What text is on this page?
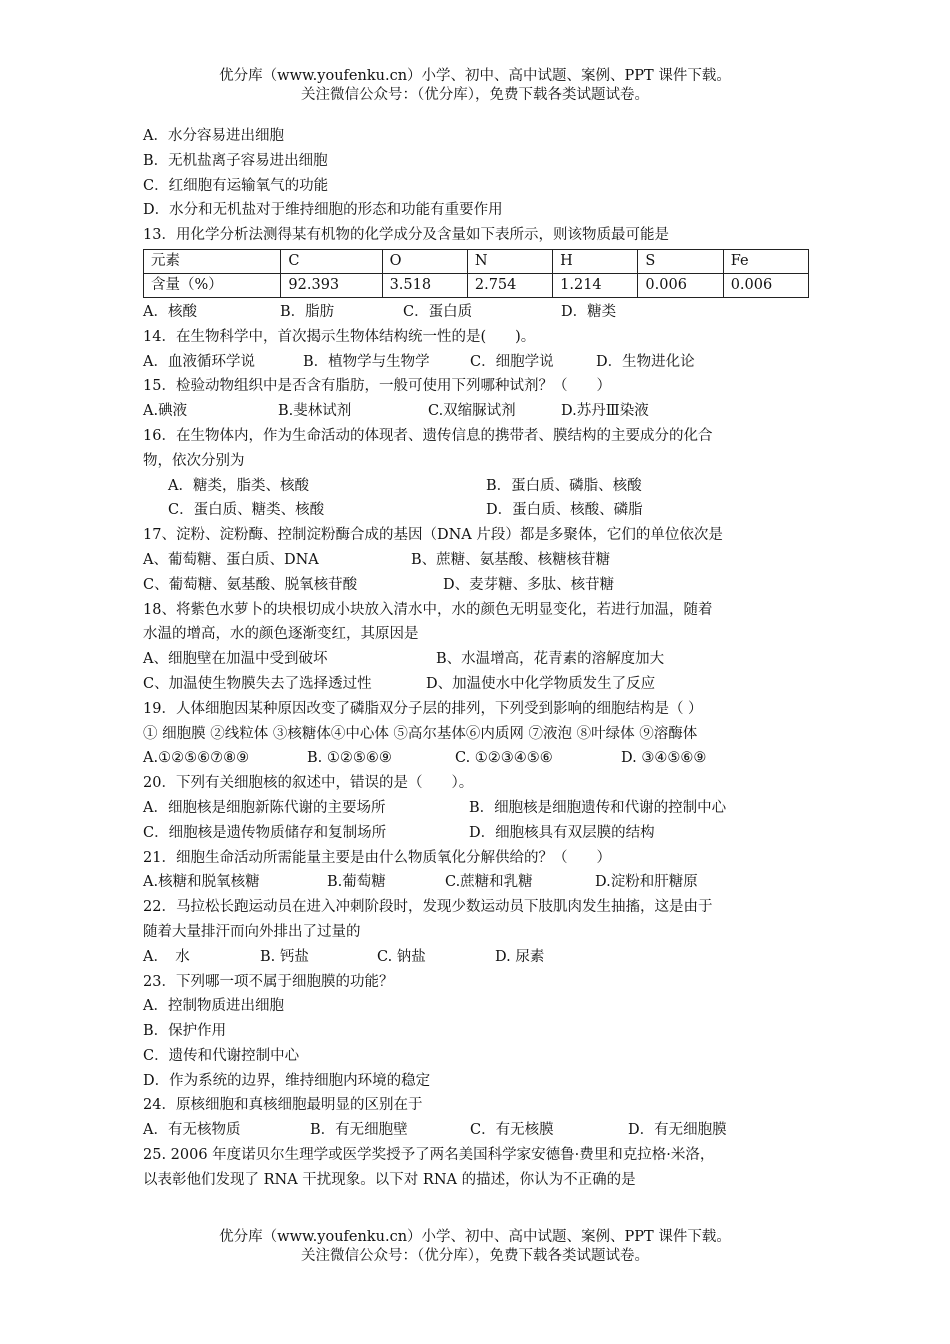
优分库（www.youfenku.cn）小学、初中、高中试题、案例、PPT 课件下载。
关注微信公众号：（优分库），免费下载各类试题试卷。
A．水分容易进出细胞
B．无机盐离子容易进出细胞
C．红细胞有运输氧气的功能
D．水分和无机盐对于维持细胞的形态和功能有重要作用
13．用化学分析法测得某有机物的化学成分及含量如下表所示，则该物质最可能是
元素	C	O	N	H	S	Fe
含量（%）	92.393	3.518	2.754	1.214	0.006	0.006
A．核酸	B．脂肪	C．蛋白质	D．糖类
14．在生物科学中，首次揭示生物体结构统一性的是(　　)。
A．血液循环学说	B．植物学与生物学	C．细胞学说	D．生物进化论
15．检验动物组织中是否含有脂肪，一般可使用下列哪种试剂？（　　）
A.碘液	B.斐林试剂	C.双缩脲试剂	D.苏丹Ⅲ染液
16．在生物体内，作为生命活动的体现者、遗传信息的携带者、膜结构的主要成分的化合
物，依次分别为
A．糖类，脂类、核酸	B．蛋白质、磷脂、核酸
C．蛋白质、糖类、核酸	D．蛋白质、核酸、磷脂
17、淀粉、淀粉酶、控制淀粉酶合成的基因（DNA 片段）都是多聚体，它们的单位依次是
A、葡萄糖、蛋白质、DNA	B、蔗糖、氨基酸、核糖核苷糖
C、葡萄糖、氨基酸、脱氧核苷酸	D、麦芽糖、多肽、核苷糖
18、将紫色水萝卜的块根切成小块放入清水中，水的颜色无明显变化，若进行加温，随着
水温的增高，水的颜色逐渐变红，其原因是
A、细胞壁在加温中受到破坏	B、水温增高，花青素的溶解度加大
C、加温使生物膜失去了选择透过性	D、加温使水中化学物质发生了反应
19．人体细胞因某种原因改变了磷脂双分子层的排列，下列受到影响的细胞结构是（ ）
① 细胞膜 ②线粒体 ③核糖体④中心体 ⑤高尔基体⑥内质网 ⑦液泡 ⑧叶绿体 ⑨溶酶体
A.①②⑤⑥⑦⑧⑨	B. ①②⑤⑥⑨	C. ①②③④⑤⑥	D. ③④⑤⑥⑨
20．下列有关细胞核的叙述中，错误的是（　　）。
A．细胞核是细胞新陈代谢的主要场所	B．细胞核是细胞遗传和代谢的控制中心
C．细胞核是遗传物质储存和复制场所	D．细胞核具有双层膜的结构
21．细胞生命活动所需能量主要是由什么物质氧化分解供给的？（　　）
A.核糖和脱氧核糖	B.葡萄糖	C.蔗糖和乳糖	D.淀粉和肝糖原
22．马拉松长跑运动员在进入冲刺阶段时，发现少数运动员下肢肌肉发生抽搐，这是由于
随着大量排汗而向外排出了过量的
A．　水	B. 钙盐	C. 钠盐	D. 尿素
23．下列哪一项不属于细胞膜的功能？
A．控制物质进出细胞
B．保护作用
C．遗传和代谢控制中心
D．作为系统的边界，维持细胞内环境的稳定
24．原核细胞和真核细胞最明显的区别在于
A．有无核物质	B．有无细胞壁	C．有无核膜	D．有无细胞膜
25. 2006 年度诺贝尔生理学或医学奖授予了两名美国科学家安德鲁·费里和克拉格·米洛，
以表彰他们发现了 RNA 干扰现象。以下对 RNA 的描述，你认为不正确的是
优分库（www.youfenku.cn）小学、初中、高中试题、案例、PPT 课件下载。
关注微信公众号：（优分库），免费下载各类试题试卷。
